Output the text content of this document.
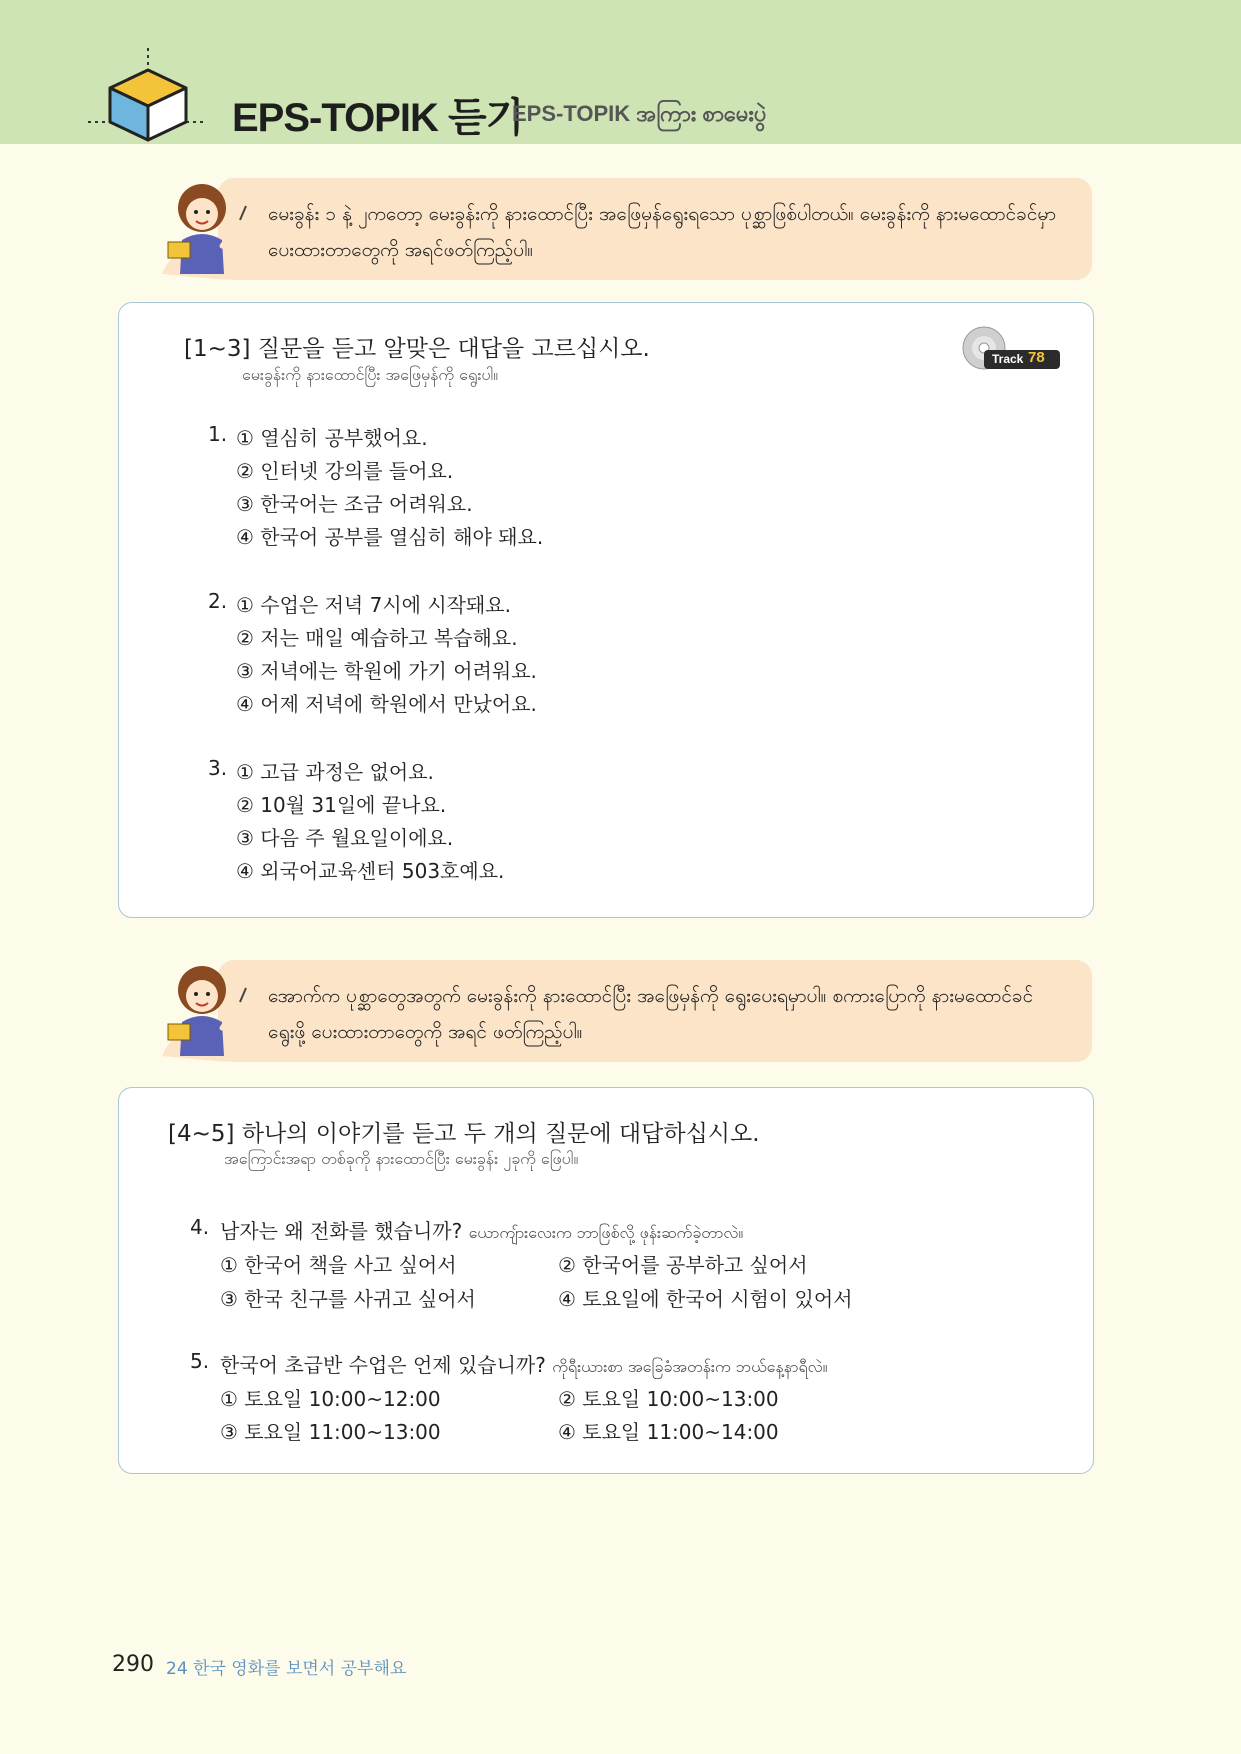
EPS-TOPIK 듣기
EPS-TOPIK အကြား စာမေးပွဲ
မေးခွန်း ၁ နဲ့ ၂ကတော့ မေးခွန်းကို နားထောင်ပြီး အဖြေမှန်ရွေးရသော ပုစ္ဆာဖြစ်ပါတယ်။ မေးခွန်းကို နားမထောင်ခင်မှာ ပေးထားတာတွေကို အရင်ဖတ်ကြည့်ပါ။
[1~3] 질문을 듣고 알맞은 대답을 고르십시오.
မေးခွန်းကို နားထောင်ပြီး အဖြေမှန်ကို ရွေးပါ။
Track 78
1. ① 열심히 공부했어요.
② 인터넷 강의를 들어요.
③ 한국어는 조금 어려워요.
④ 한국어 공부를 열심히 해야 돼요.
2. ① 수업은 저녁 7시에 시작돼요.
② 저는 매일 예습하고 복습해요.
③ 저녁에는 학원에 가기 어려워요.
④ 어제 저녁에 학원에서 만났어요.
3. ① 고급 과정은 없어요.
② 10월 31일에 끝나요.
③ 다음 주 월요일이에요.
④ 외국어교육센터 503호예요.
အောက်က ပုစ္ဆာတွေအတွက် မေးခွန်းကို နားထောင်ပြီး အဖြေမှန်ကို ရွေးပေးရမှာပါ။ စကားပြောကို နားမထောင်ခင် ရွေးဖို့ ပေးထားတာတွေကို အရင် ဖတ်ကြည့်ပါ။
[4~5] 하나의 이야기를 듣고 두 개의 질문에 대답하십시오.
အကြောင်းအရာ တစ်ခုကို နားထောင်ပြီး မေးခွန်း ၂ခုကို ဖြေပါ။
4. 남자는 왜 전화를 했습니까? ယောကျ်ားလေးက ဘာဖြစ်လို့ ဖုန်းဆက်ခဲ့တာလဲ။
① 한국어 책을 사고 싶어서	② 한국어를 공부하고 싶어서
③ 한국 친구를 사귀고 싶어서	④ 토요일에 한국어 시험이 있어서
5. 한국어 초급반 수업은 언제 있습니까? ကိုရီးယားစာ အခြေခံအတန်းက ဘယ်နေ့နာရီလဲ။
① 토요일 10:00~12:00	② 토요일 10:00~13:00
③ 토요일 11:00~13:00	④ 토요일 11:00~14:00
290 24 한국 영화를 보면서 공부해요
